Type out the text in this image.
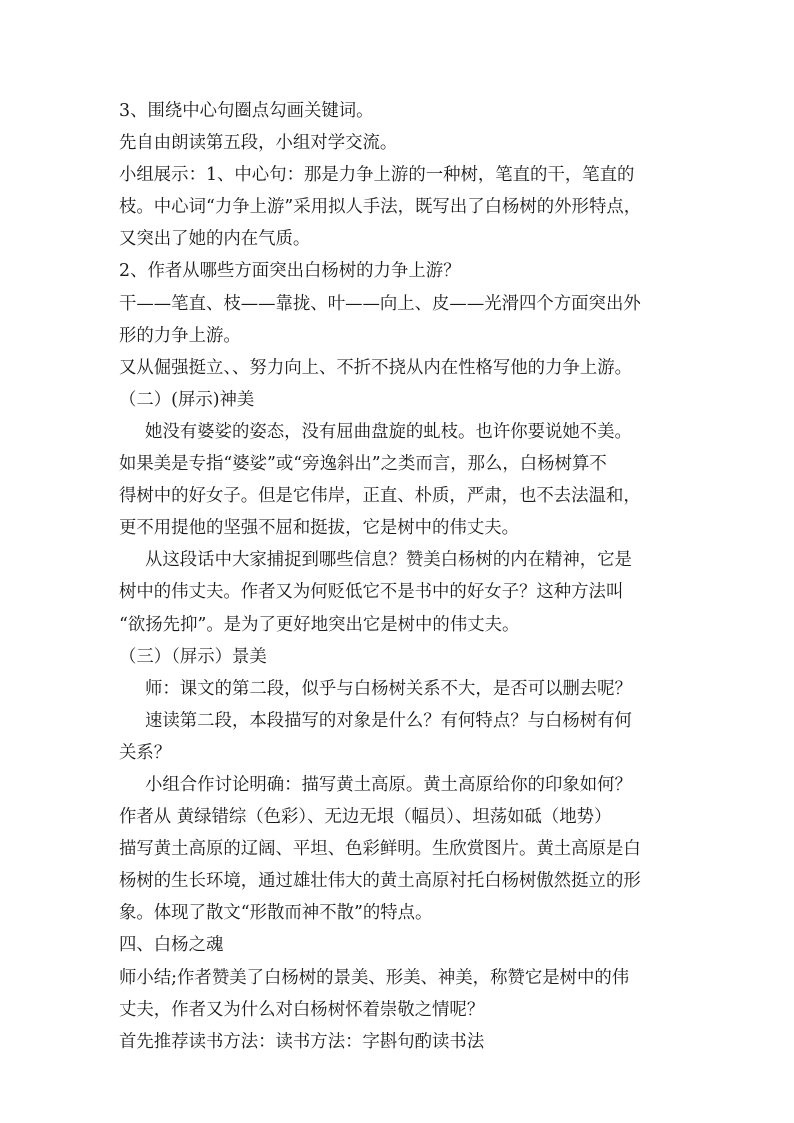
3、围绕中心句圈点勾画关键词。

先自由朗读第五段，小组对学交流。

小组展示：1、中心句：那是力争上游的一种树，笔直的干，笔直的

枝。中心词“力争上游”采用拟人手法，既写出了白杨树的外形特点，

又突出了她的内在气质。

2、作者从哪些方面突出白杨树的力争上游？

干——笔直、枝——靠拢、叶——向上、皮——光滑四个方面突出外

形的力争上游。

又从倔强挺立、、努力向上、不折不挠从内在性格写他的力争上游。

（二）(屏示)神美

她没有婆娑的姿态，没有屈曲盘旋的虬枝。也许你要说她不美。

如果美是专指“婆娑”或“旁逸斜出”之类而言，那么，白杨树算不

得树中的好女子。但是它伟岸，正直、朴质，严肃，也不去法温和，

更不用提他的坚强不屈和挺拔，它是树中的伟丈夫。

从这段话中大家捕捉到哪些信息？赞美白杨树的内在精神，它是

树中的伟丈夫。作者又为何贬低它不是书中的好女子？这种方法叫

“欲扬先抑”。是为了更好地突出它是树中的伟丈夫。

（三）（屏示）景美

师：课文的第二段，似乎与白杨树关系不大，是否可以删去呢？

速读第二段，本段描写的对象是什么？有何特点？与白杨树有何

关系？

小组合作讨论明确：描写黄土高原。黄土高原给你的印象如何？

作者从 黄绿错综（色彩）、无边无垠（幅员）、坦荡如砥（地势）

描写黄土高原的辽阔、平坦、色彩鲜明。生欣赏图片。黄土高原是白

杨树的生长环境，通过雄壮伟大的黄土高原衬托白杨树傲然挺立的形

象。体现了散文“形散而神不散”的特点。

四、白杨之魂

师小结;作者赞美了白杨树的景美、形美、神美，称赞它是树中的伟

丈夫，作者又为什么对白杨树怀着崇敬之情呢？

首先推荐读书方法：读书方法：字斟句酌读书法
